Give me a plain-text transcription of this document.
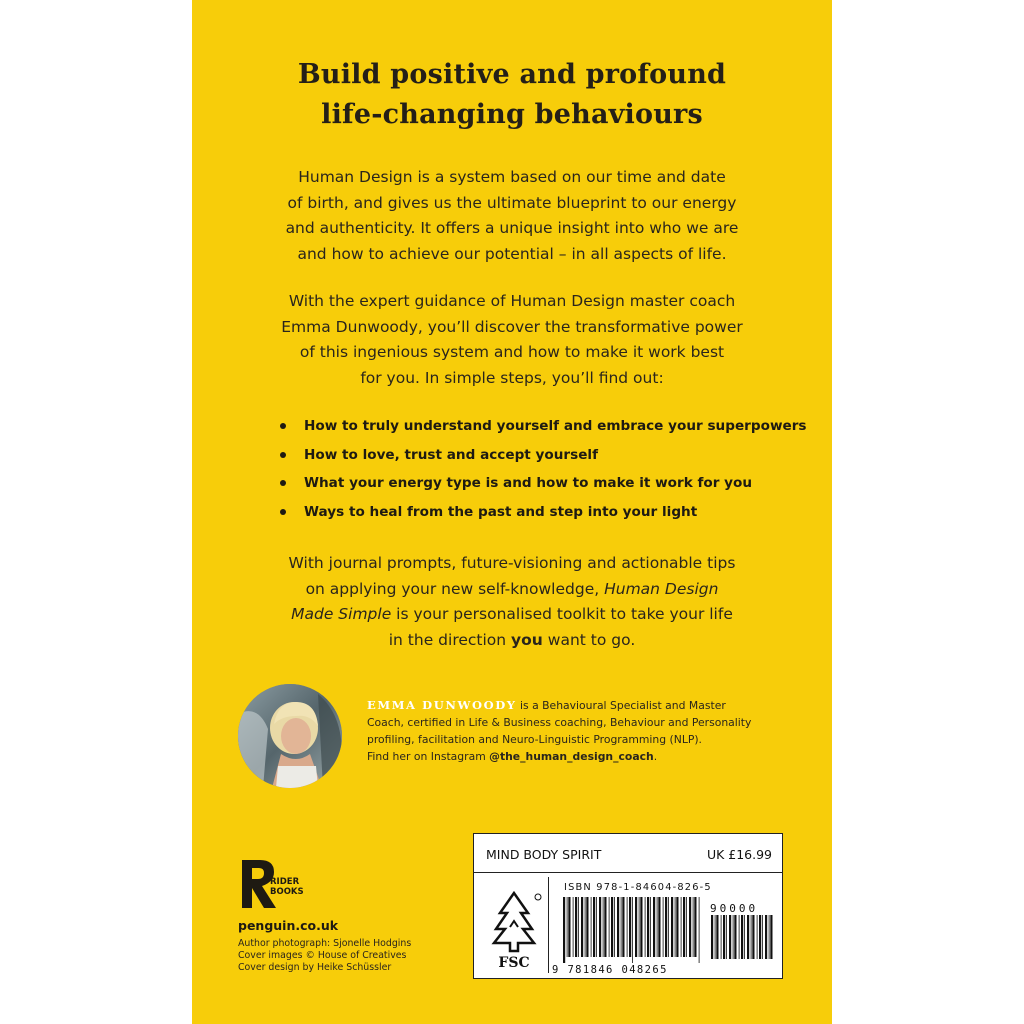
Build positive and profound
life-changing behaviours
Human Design is a system based on our time and date
of birth, and gives us the ultimate blueprint to our energy
and authenticity. It offers a unique insight into who we are
and how to achieve our potential – in all aspects of life.
With the expert guidance of Human Design master coach
Emma Dunwoody, you’ll discover the transformative power
of this ingenious system and how to make it work best
for you. In simple steps, you’ll find out:
How to truly understand yourself and embrace your superpowers
How to love, trust and accept yourself
What your energy type is and how to make it work for you
Ways to heal from the past and step into your light
With journal prompts, future-visioning and actionable tips
on applying your new self-knowledge, Human Design
Made Simple is your personalised toolkit to take your life
in the direction you want to go.
EMMA DUNWOODY is a Behavioural Specialist and Master
Coach, certified in Life & Business coaching, Behaviour and Personality
profiling, facilitation and Neuro-Linguistic Programming (NLP).
Find her on Instagram @the_human_design_coach.
RIDER
BOOKS
penguin.co.uk
Author photograph: Sjonelle Hodgins
Cover images © House of Creatives
Cover design by Heike Schüssler
MIND BODY SPIRIT	UK £16.99
FSC
ISBN 978-1-84604-826-5
90000
9 781846 048265
